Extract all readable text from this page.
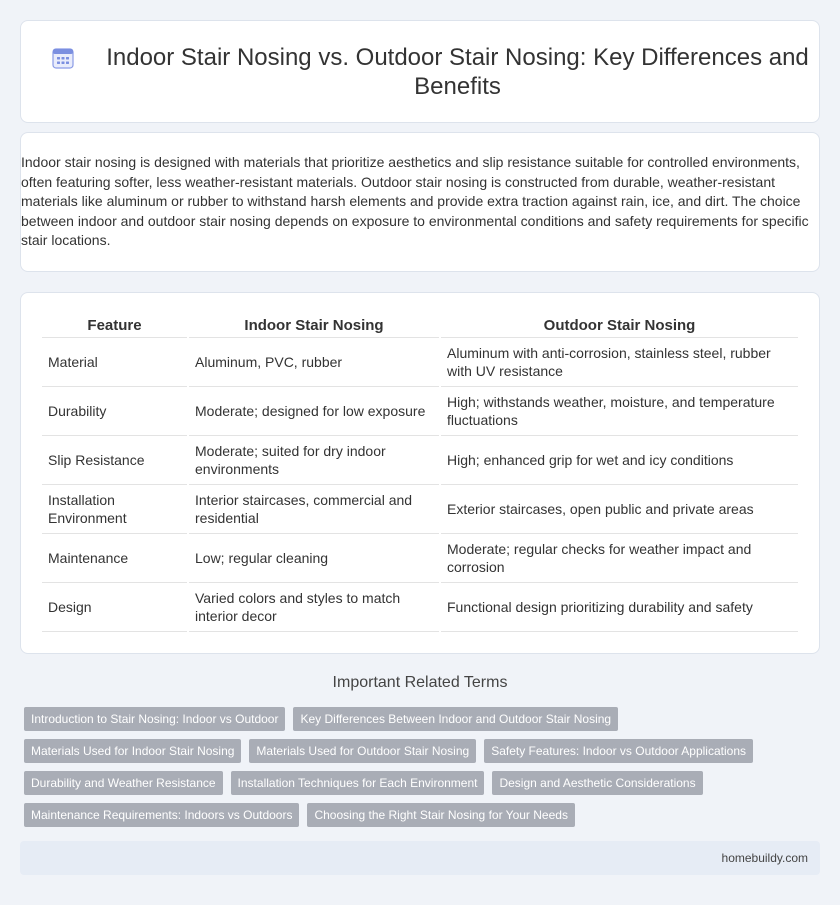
Indoor Stair Nosing vs. Outdoor Stair Nosing: Key Differences and Benefits

Indoor stair nosing is designed with materials that prioritize aesthetics and slip resistance suitable for controlled environments, often featuring softer, less weather-resistant materials. Outdoor stair nosing is constructed from durable, weather-resistant materials like aluminum or rubber to withstand harsh elements and provide extra traction against rain, ice, and dirt. The choice between indoor and outdoor stair nosing depends on exposure to environmental conditions and safety requirements for specific stair locations.

Feature	Indoor Stair Nosing	Outdoor Stair Nosing
Material	Aluminum, PVC, rubber	Aluminum with anti-corrosion, stainless steel, rubber with UV resistance
Durability	Moderate; designed for low exposure	High; withstands weather, moisture, and temperature fluctuations
Slip Resistance	Moderate; suited for dry indoor environments	High; enhanced grip for wet and icy conditions
Installation Environment	Interior staircases, commercial and residential	Exterior staircases, open public and private areas
Maintenance	Low; regular cleaning	Moderate; regular checks for weather impact and corrosion
Design	Varied colors and styles to match interior decor	Functional design prioritizing durability and safety
Important Related Terms
Introduction to Stair Nosing: Indoor vs Outdoor	Key Differences Between Indoor and Outdoor Stair Nosing
Materials Used for Indoor Stair Nosing	Materials Used for Outdoor Stair Nosing	Safety Features: Indoor vs Outdoor Applications
Durability and Weather Resistance	Installation Techniques for Each Environment	Design and Aesthetic Considerations
Maintenance Requirements: Indoors vs Outdoors	Choosing the Right Stair Nosing for Your Needs
homebuildy.com
